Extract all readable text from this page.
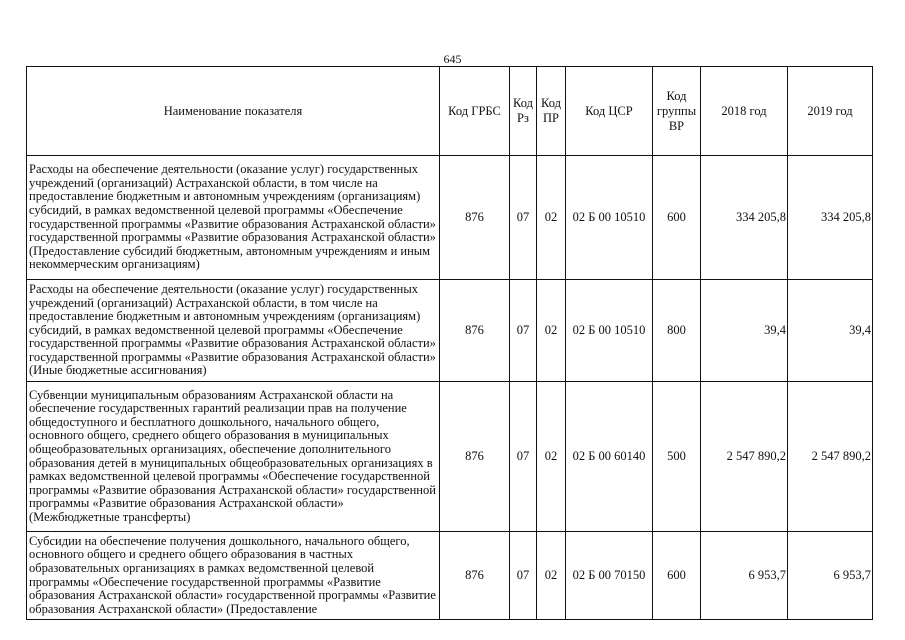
645
Наименование показателя	Код ГРБС	Код Рз	Код ПР	Код ЦСР	Код группы ВР	2018 год	2019 год
Расходы на обеспечение деятельности (оказание услуг) государственных учреждений (организаций) Астраханской области, в том числе на предоставление бюджетным и автономным учреждениям (организациям) субсидий, в рамках ведомственной целевой программы «Обеспечение государственной программы «Развитие образования Астраханской области» государственной программы «Развитие образования Астраханской области» (Предоставление субсидий бюджетным, автономным учреждениям и иным некоммерческим организациям)	876	07	02	02 Б 00 10510	600	334 205,8	334 205,8
Расходы на обеспечение деятельности (оказание услуг) государственных учреждений (организаций) Астраханской области, в том числе на предоставление бюджетным и автономным учреждениям (организациям) субсидий, в рамках ведомственной целевой программы «Обеспечение государственной программы «Развитие образования Астраханской области» государственной программы «Развитие образования Астраханской области» (Иные бюджетные ассигнования)	876	07	02	02 Б 00 10510	800	39,4	39,4
Субвенции муниципальным образованиям Астраханской области на обеспечение государственных гарантий реализации прав на получение общедоступного и бесплатного дошкольного, начального общего, основного общего, среднего общего образования в муниципальных общеобразовательных организациях, обеспечение дополнительного образования детей в муниципальных общеобразовательных организациях в рамках ведомственной целевой программы «Обеспечение государственной программы «Развитие образования Астраханской области» государственной программы «Развитие образования Астраханской области» (Межбюджетные трансферты)	876	07	02	02 Б 00 60140	500	2 547 890,2	2 547 890,2
Субсидии на обеспечение получения дошкольного, начального общего, основного общего и среднего общего образования в частных образовательных организациях в рамках ведомственной целевой программы «Обеспечение государственной программы «Развитие образования Астраханской области» государственной программы «Развитие образования Астраханской области» (Предоставление	876	07	02	02 Б 00 70150	600	6 953,7	6 953,7
